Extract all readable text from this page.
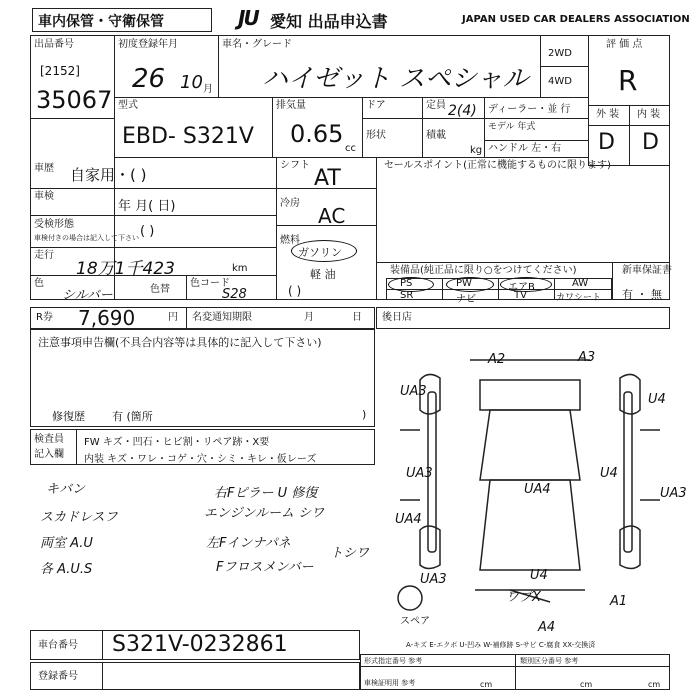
車内保管・守衛保管	JU 愛知 出品申込書	JAPAN USED CAR DEALERS ASSOCIATION
出品番号
[2152]
35067
初度登録年月
26 10 月
車名・グレード
ハイゼット スペシャル
2WD
4WD
評 価 点
R
外 装 内 装
D D
型式
EBD- S321V
排気量
0.65
cc
ドア
形状
定員 2(4)
積載
kg
ディーラー・並 行
モデル 年式
ハンドル 左・右
車歴 自家用・( )
車検
年 月( 日)
受検形態
車検付きの場合は記入して下さい ( )
走行
18万1千423	km
色
シルバー	色替
色コード
S28
シフト
AT
冷房
AC
燃料
ガソリン
軽 油
( )
セールスポイント(正常に機能するものに限ります)
装備品(純正品に限り○をつけてください)	新車保証書
有 ・ 無
PS	PW	エアB	AW
SR	ナビ	TV	カワシート
R券 7,690	円 名変通知期限	月	日 後日店
注意事項申告欄(不具合内容等は具体的に記入して下さい)
修復歴 有 (箇所	)
検査員
記入欄
FW キズ・凹石・ヒビ割・リペア跡・X要
内装 キズ・ワレ・コゲ・穴・シミ・キレ・仮レーズ
キバン	右Fピラー U 修復
スカドレスフ	エンジンルーム シワ
両室 A.U	左Fインナパネ
トシワ
各 A.U.S	Fフロスメンバー
A2	A3
UA3
U4
UA3
UA4
U4
UA4
UA3
UA3	U4
A4
ワブX	A1
スペア
A-キズ E-エクボ U-凹み W-補修跡 S-サビ C-腐食 XX-交換済
車台番号 S321V-0232861
登録番号
形式指定番号 参考	類別区分番号 参考
車検証明用 参考	cm	cm	cm
